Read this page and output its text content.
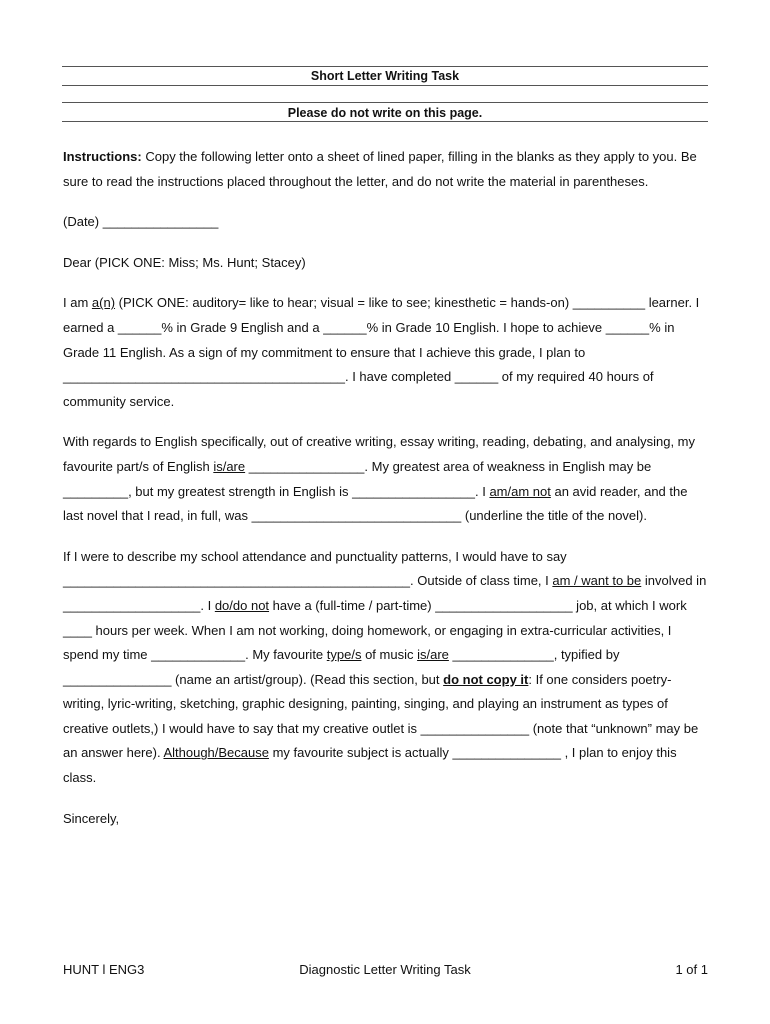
Short Letter Writing Task
Please do not write on this page.

Instructions: Copy the following letter onto a sheet of lined paper, filling in the blanks as they apply to you. Be sure to read the instructions placed throughout the letter, and do not write the material in parentheses.

(Date) ________________

Dear (PICK ONE: Miss; Ms. Hunt; Stacey)

I am a(n) (PICK ONE: auditory= like to hear; visual = like to see; kinesthetic = hands-on) __________ learner. I earned a ______% in Grade 9 English and a ______% in Grade 10 English. I hope to achieve ______% in Grade 11 English. As a sign of my commitment to ensure that I achieve this grade, I plan to _______________________________________. I have completed ______ of my required 40 hours of community service.

With regards to English specifically, out of creative writing, essay writing, reading, debating, and analysing, my favourite part/s of English is/are ________________. My greatest area of weakness in English may be _________, but my greatest strength in English is _________________. I am/am not an avid reader, and the last novel that I read, in full, was _____________________________ (underline the title of the novel).

If I were to describe my school attendance and punctuality patterns, I would have to say ________________________________________________. Outside of class time, I am / want to be involved in ___________________. I do/do not have a (full-time / part-time) ___________________ job, at which I work ____ hours per week. When I am not working, doing homework, or engaging in extra-curricular activities, I spend my time _____________. My favourite type/s of music is/are ______________, typified by _______________ (name an artist/group). (Read this section, but do not copy it: If one considers poetry-writing, lyric-writing, sketching, graphic designing, painting, singing, and playing an instrument as types of creative outlets,) I would have to say that my creative outlet is _______________ (note that “unknown” may be an answer here). Although/Because my favourite subject is actually _______________ , I plan to enjoy this class.

Sincerely,

HUNT l ENG3	Diagnostic Letter Writing Task	1 of 1
